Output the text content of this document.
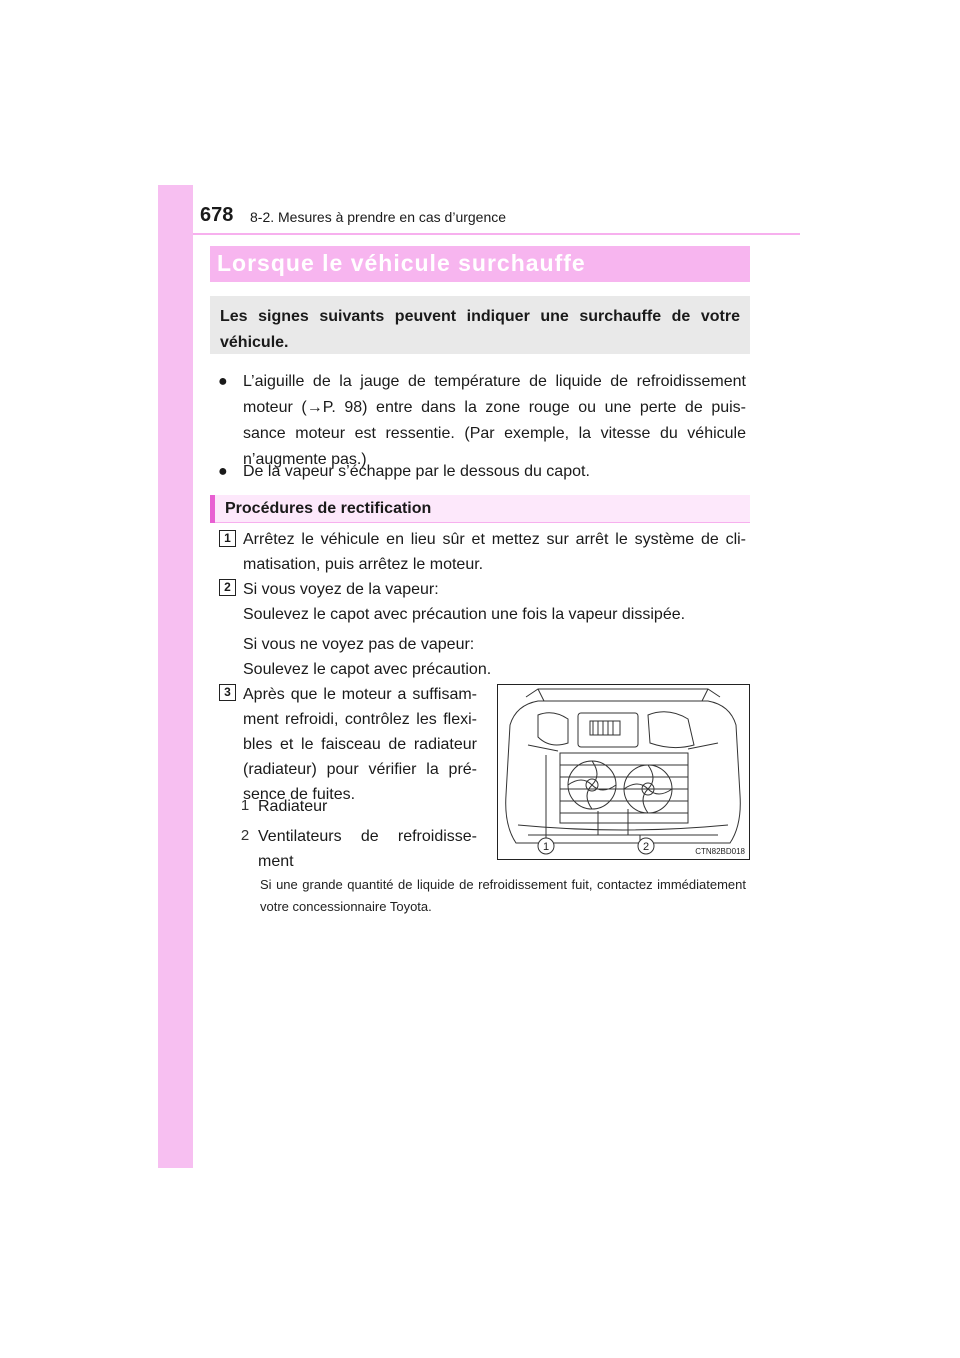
678 8-2. Mesures à prendre en cas d’urgence
Lorsque le véhicule surchauffe
Les signes suivants peuvent indiquer une surchauffe de votre véhicule.
● L’aiguille de la jauge de température de liquide de refroidissement
moteur (→P. 98) entre dans la zone rouge ou une perte de puis-
sance moteur est ressentie. (Par exemple, la vitesse du véhicule
n’augmente pas.)
● De la vapeur s’échappe par le dessous du capot.
Procédures de rectification
1 Arrêtez le véhicule en lieu sûr et mettez sur arrêt le système de cli-
matisation, puis arrêtez le moteur.
2 Si vous voyez de la vapeur:
Soulevez le capot avec précaution une fois la vapeur dissipée.
Si vous ne voyez pas de vapeur:
Soulevez le capot avec précaution.
3 Après que le moteur a suffisam-
ment refroidi, contrôlez les flexi-
bles et le faisceau de radiateur
(radiateur) pour vérifier la pré-
sence de fuites.
1 Radiateur
2 Ventilateurs de refroidisse-
ment
Si une grande quantité de liquide de refroidissement fuit, contactez immédiatement votre concessionnaire Toyota.
1	2	CTN82BD018
